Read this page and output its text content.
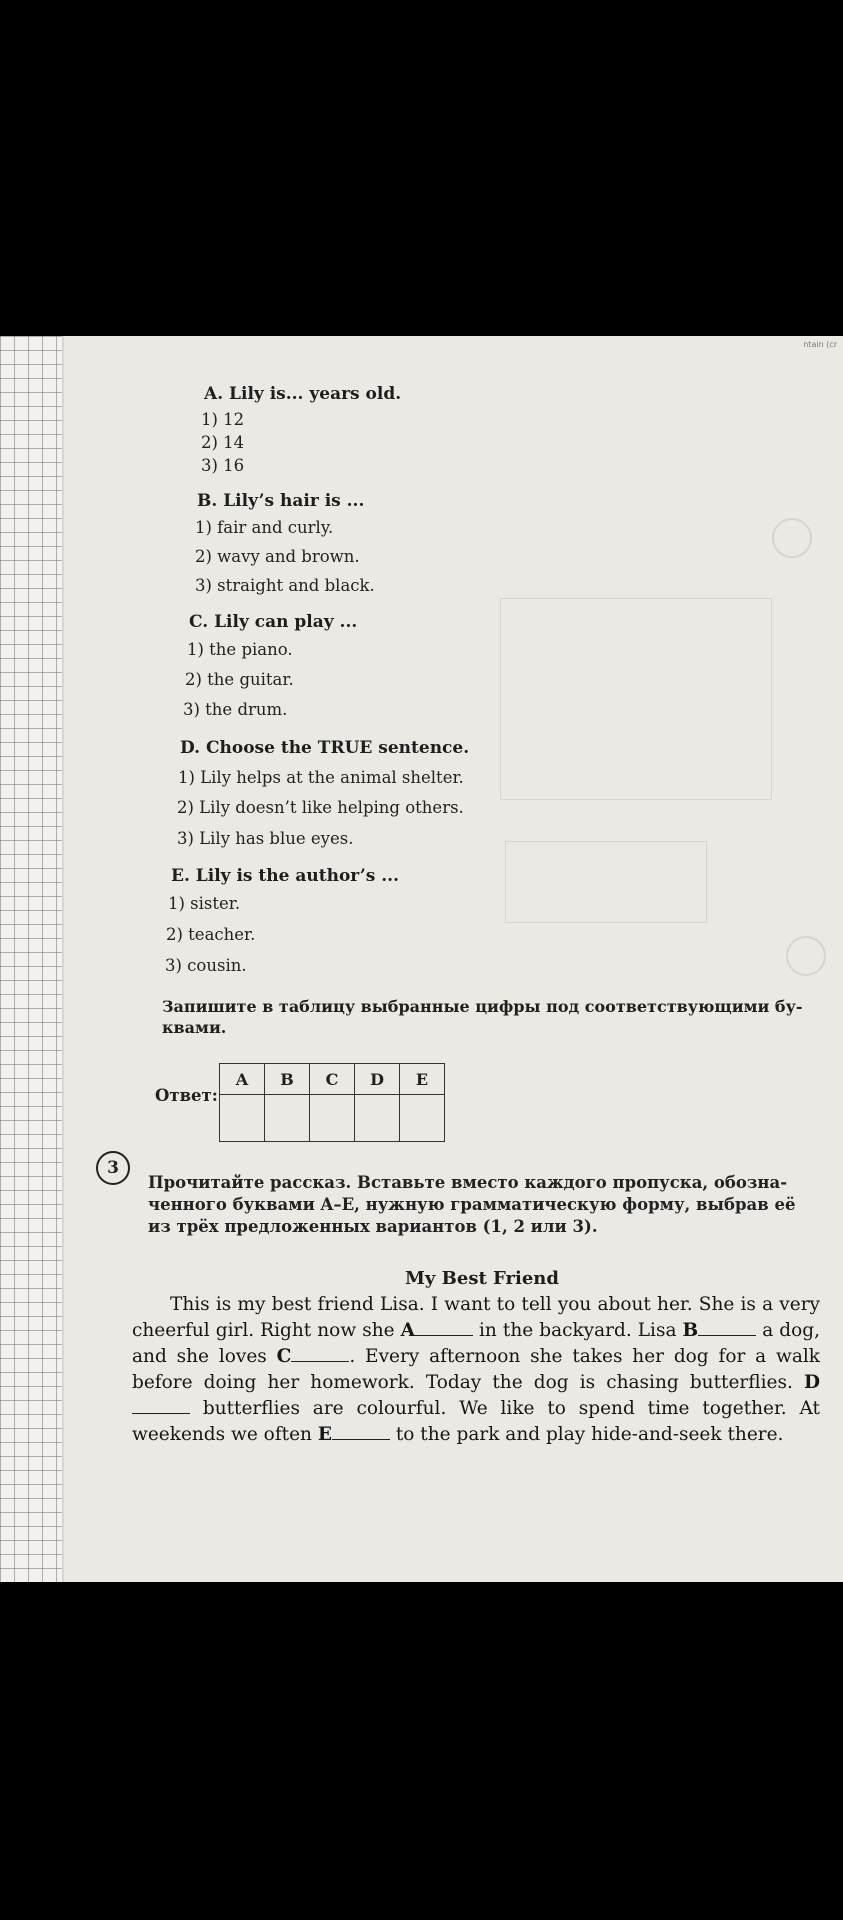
ntain (cr
A. Lily is... years old.
1) 12
2) 14
3) 16
B. Lily’s hair is ...
1) fair and curly.
2) wavy and brown.
3) straight and black.
C. Lily can play ...
1) the piano.
2) the guitar.
3) the drum.
D. Choose the TRUE sentence.
1) Lily helps at the animal shelter.
2) Lily doesn’t like helping others.
3) Lily has blue eyes.
E. Lily is the author’s ...
1) sister.
2) teacher.
3) cousin.
Запишите в таблицу выбранные цифры под соответствующими бу-
квами.
Ответ:
A	B	C	D	E

3
Прочитайте рассказ. Вставьте вместо каждого пропуска, обозна-
ченного буквами A–E, нужную грамматическую форму, выбрав её
из трёх предложенных вариантов (1, 2 или 3).
My Best Friend
This is my best friend Lisa. I want to tell you about her. She is a very cheerful girl. Right now she A	in the backyard. Lisa B	a dog, and she loves C	. Every afternoon she takes her dog for a walk before doing her homework. Today the dog is chasing butterflies. D butterflies are colourful. We like to spend time together. At weekends we often E	to the park and play hide-and-seek there.
